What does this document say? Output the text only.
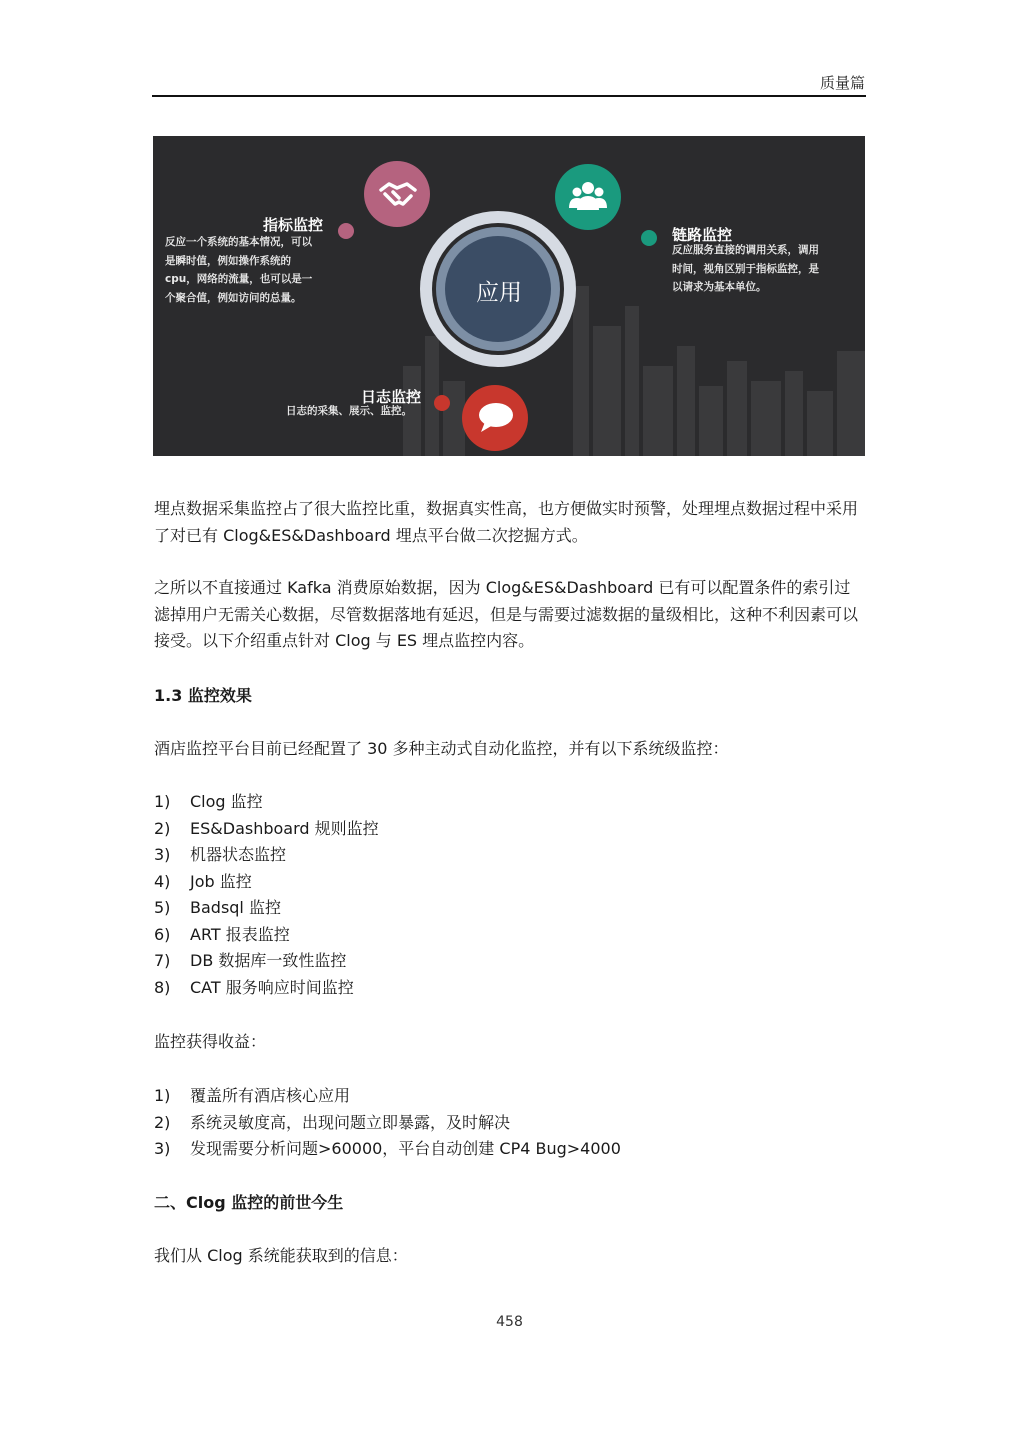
质量篇
应用
指标监控
反应一个系统的基本情况，可以
是瞬时值，例如操作系统的
cpu，网络的流量，也可以是一
个聚合值，例如访问的总量。
链路监控
反应服务直接的调用关系，调用
时间，视角区别于指标监控，是
以请求为基本单位。
日志监控
日志的采集、展示、监控。

埋点数据采集监控占了很大监控比重，数据真实性高，也方便做实时预警，处理埋点数据过程中采用了对已有 Clog&ES&Dashboard 埋点平台做二次挖掘方式。

之所以不直接通过 Kafka 消费原始数据，因为 Clog&ES&Dashboard 已有可以配置条件的索引过滤掉用户无需关心数据，尽管数据落地有延迟，但是与需要过滤数据的量级相比，这种不利因素可以接受。以下介绍重点针对 Clog 与 ES 埋点监控内容。

1.3 监控效果

酒店监控平台目前已经配置了 30 多种主动式自动化监控，并有以下系统级监控：

1)	Clog 监控
2)	ES&Dashboard 规则监控
3)	机器状态监控
4)	Job 监控
5)	Badsql 监控
6)	ART 报表监控
7)	DB 数据库一致性监控
8)	CAT 服务响应时间监控

监控获得收益：

1)	覆盖所有酒店核心应用
2)	系统灵敏度高，出现问题立即暴露，及时解决
3)	发现需要分析问题>60000，平台自动创建 CP4 Bug>4000
二、Clog 监控的前世今生

我们从 Clog 系统能获取到的信息：

458
